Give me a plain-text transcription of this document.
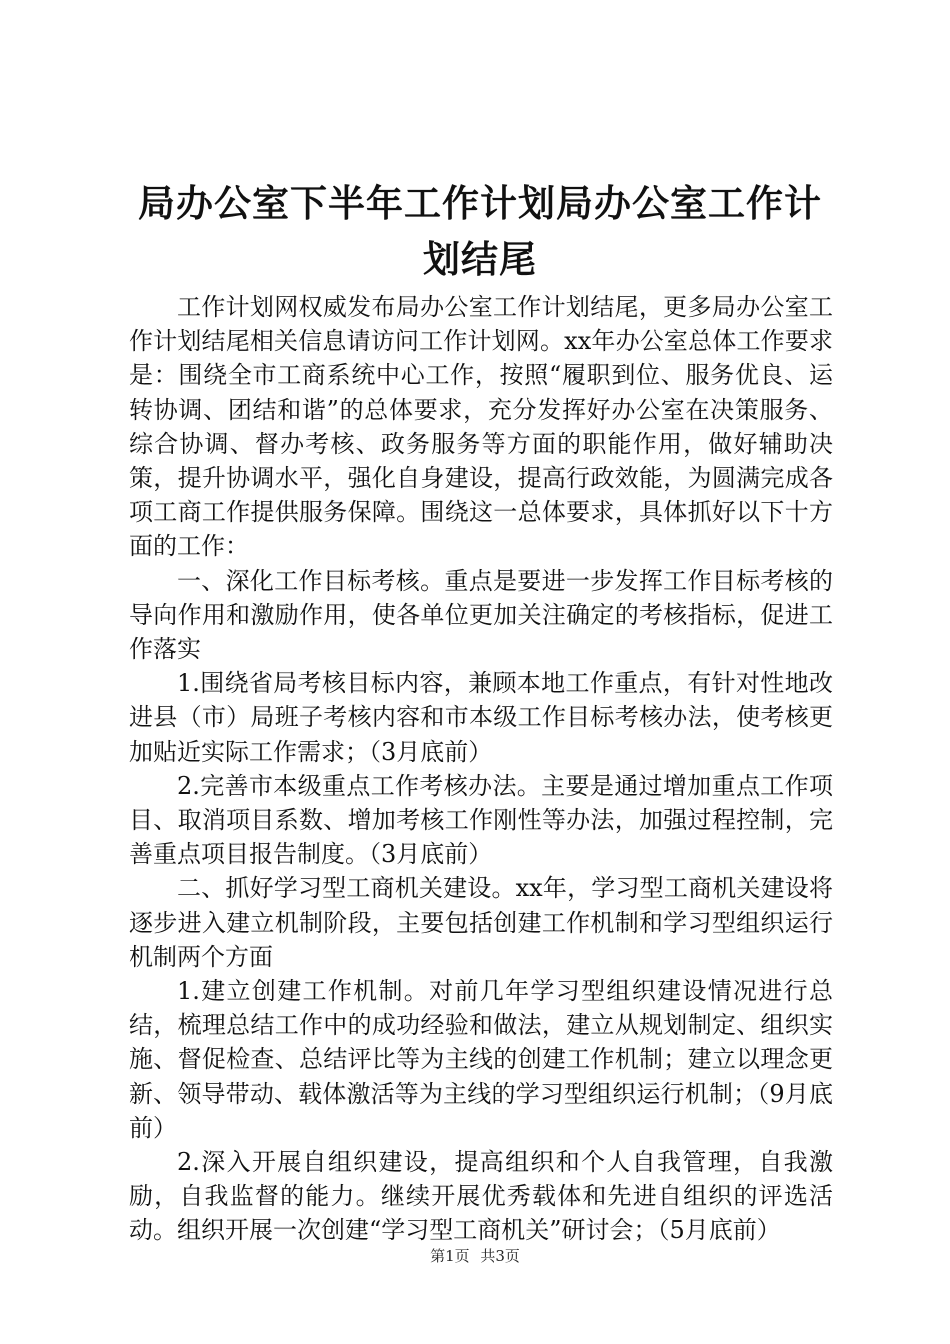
局办公室下半年工作计划局办公室工作计划结尾

工作计划网权威发布局办公室工作计划结尾，更多局办公室工作计划结尾相关信息请访问工作计划网。xx年办公室总体工作要求是：围绕全市工商系统中心工作，按照“履职到位、服务优良、运转协调、团结和谐”的总体要求，充分发挥好办公室在决策服务、综合协调、督办考核、政务服务等方面的职能作用，做好辅助决策，提升协调水平，强化自身建设，提高行政效能，为圆满完成各项工商工作提供服务保障。围绕这一总体要求，具体抓好以下十方面的工作：

一、深化工作目标考核。重点是要进一步发挥工作目标考核的导向作用和激励作用，使各单位更加关注确定的考核指标，促进工作落实

1.围绕省局考核目标内容，兼顾本地工作重点，有针对性地改进县（市）局班子考核内容和市本级工作目标考核办法，使考核更加贴近实际工作需求；（3月底前）

2.完善市本级重点工作考核办法。主要是通过增加重点工作项目、取消项目系数、增加考核工作刚性等办法，加强过程控制，完善重点项目报告制度。（3月底前）

二、抓好学习型工商机关建设。xx年，学习型工商机关建设将逐步进入建立机制阶段，主要包括创建工作机制和学习型组织运行机制两个方面

1.建立创建工作机制。对前几年学习型组织建设情况进行总结，梳理总结工作中的成功经验和做法，建立从规划制定、组织实施、督促检查、总结评比等为主线的创建工作机制；建立以理念更新、领导带动、载体激活等为主线的学习型组织运行机制；（9月底前）

2.深入开展自组织建设，提高组织和个人自我管理，自我激励，自我监督的能力。继续开展优秀载体和先进自组织的评选活动。组织开展一次创建“学习型工商机关”研讨会；（5月底前）

第1页 共3页
